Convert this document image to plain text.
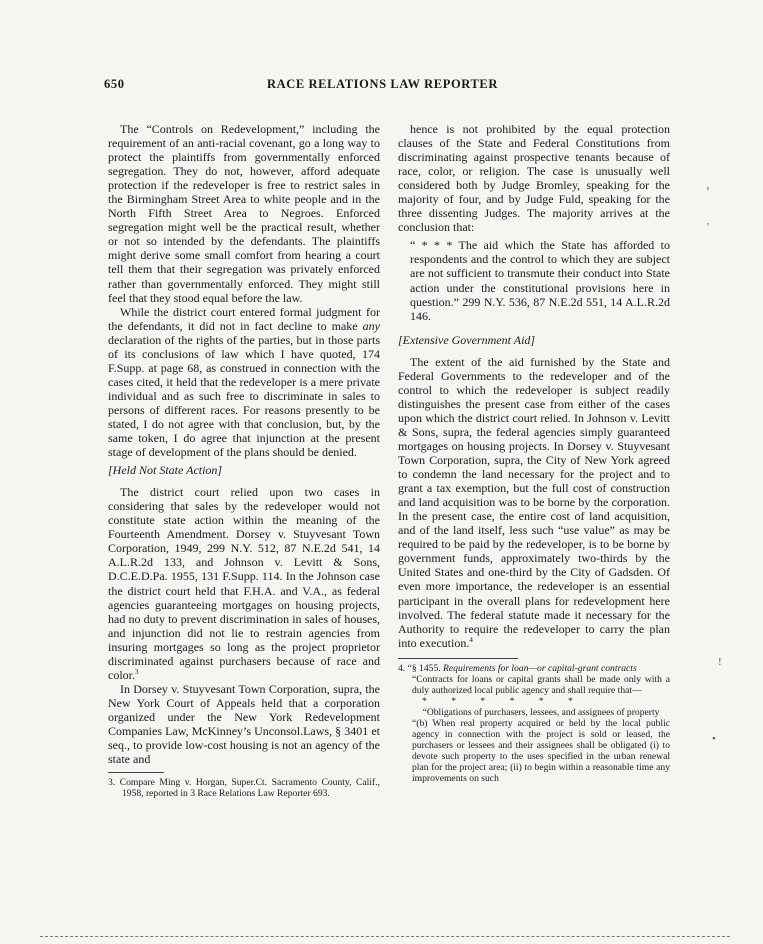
650	RACE RELATIONS LAW REPORTER

The “Controls on Redevelopment,” including the requirement of an anti-racial covenant, go a long way to protect the plaintiffs from governmentally enforced segregation. They do not, however, afford adequate protection if the redeveloper is free to restrict sales in the Birmingham Street Area to white people and in the North Fifth Street Area to Negroes. Enforced segregation might well be the practical result, whether or not so intended by the defendants. The plaintiffs might derive some small comfort from hearing a court tell them that their segregation was privately enforced rather than governmentally enforced. They might still feel that they stood equal before the law.

While the district court entered formal judgment for the defendants, it did not in fact decline to make any declaration of the rights of the parties, but in those parts of its conclusions of law which I have quoted, 174 F.Supp. at page 68, as construed in connection with the cases cited, it held that the redeveloper is a mere private individual and as such free to discriminate in sales to persons of different races. For reasons presently to be stated, I do not agree with that conclusion, but, by the same token, I do agree that injunction at the present stage of development of the plans should be denied.

[Held Not State Action]

The district court relied upon two cases in considering that sales by the redeveloper would not constitute state action within the meaning of the Fourteenth Amendment. Dorsey v. Stuyvesant Town Corporation, 1949, 299 N.Y. 512, 87 N.E.2d 541, 14 A.L.R.2d 133, and Johnson v. Levitt & Sons, D.C.E.D.Pa. 1955, 131 F.Supp. 114. In the Johnson case the district court held that F.H.A. and V.A., as federal agencies guaranteeing mortgages on housing projects, had no duty to prevent discrimination in sales of houses, and injunction did not lie to restrain agencies from insuring mortgages so long as the project proprietor discriminated against purchasers because of race and color.$^3$

In Dorsey v. Stuyvesant Town Corporation, supra, the New York Court of Appeals held that a corporation organized under the New York Redevelopment Companies Law, McKinney’s Unconsol.Laws, § 3401 et seq., to provide low-cost housing is not an agency of the state and

3. Compare Ming v. Horgan, Super.Ct. Sacramento County, Calif., 1958, reported in 3 Race Relations Law Reporter 693.

hence is not prohibited by the equal protection clauses of the State and Federal Constitutions from discriminating against prospective tenants because of race, color, or religion. The case is unusually well considered both by Judge Bromley, speaking for the majority of four, and by Judge Fuld, speaking for the three dissenting Judges. The majority arrives at the conclusion that:

“ * * * The aid which the State has afforded to respondents and the control to which they are subject are not sufficient to transmute their conduct into State action under the constitutional provisions here in question.” 299 N.Y. 536, 87 N.E.2d 551, 14 A.L.R.2d 146.

[Extensive Government Aid]

The extent of the aid furnished by the State and Federal Governments to the redeveloper and of the control to which the redeveloper is subject readily distinguishes the present case from either of the cases upon which the district court relied. In Johnson v. Levitt & Sons, supra, the federal agencies simply guaranteed mortgages on housing projects. In Dorsey v. Stuyvesant Town Corporation, supra, the City of New York agreed to condemn the land necessary for the project and to grant a tax exemption, but the full cost of construction and land acquisition was to be borne by the corporation. In the present case, the entire cost of land acquisition, and of the land itself, less such “use value” as may be required to be paid by the redeveloper, is to be borne by government funds, approximately two-thirds by the United States and one-third by the City of Gadsden. Of even more importance, the redeveloper is an essential participant in the overall plans for redevelopment here involved. The federal statute made it necessary for the Authority to require the redeveloper to carry the plan into execution.$^4$

4. “§ 1455. Requirements for loan—or capital-grant contracts

“Contracts for loans or capital grants shall be made only with a duly authorized local public agency and shall require that—

* * * * * *

“Obligations of purchasers, lessees, and assignees of property

“(b) When real property acquired or held by the local public agency in connection with the project is sold or leased, the purchasers or lessees and their assignees shall be obligated (i) to devote such property to the uses specified in the urban renewal plan for the project area; (ii) to begin within a reasonable time any improvements on such

›
'
!
•
